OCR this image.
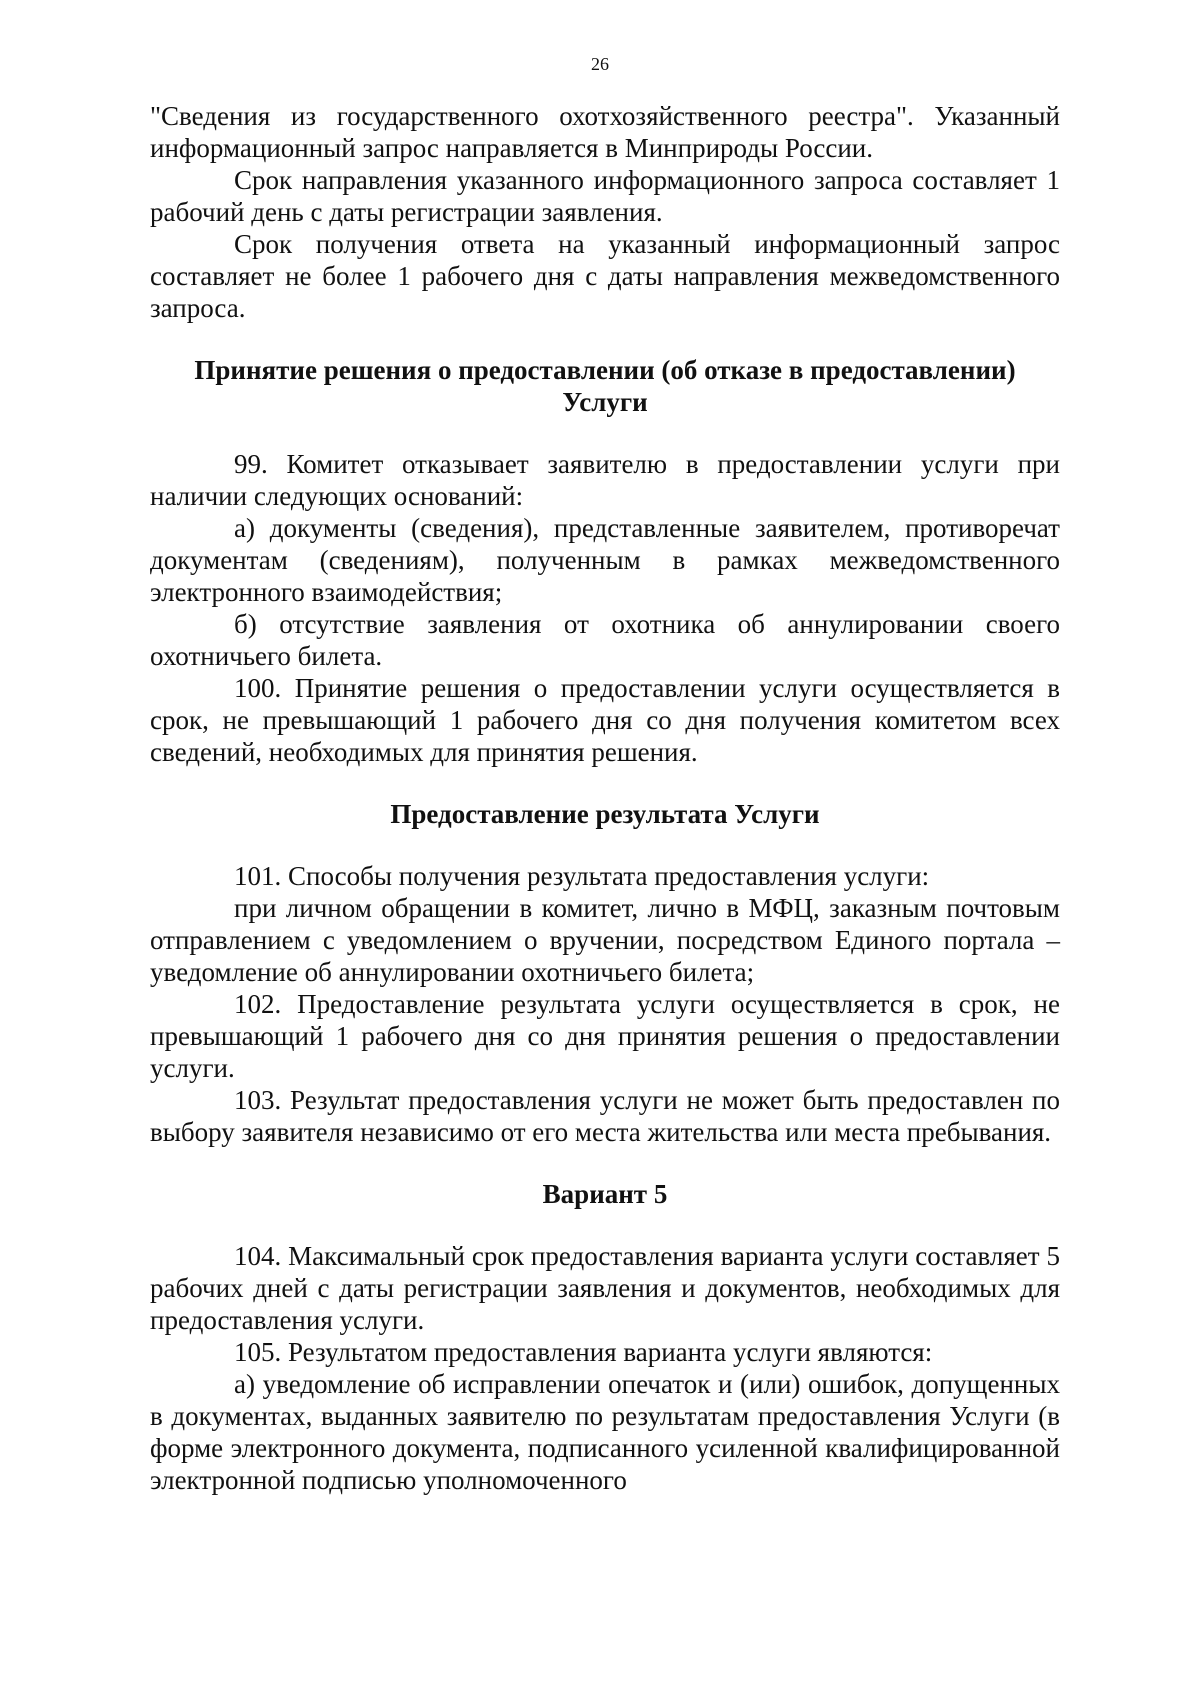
26

"Сведения из государственного охотхозяйственного реестра". Указанный информационный запрос направляется в Минприроды России.

Срок направления указанного информационного запроса составляет 1 рабочий день с даты регистрации заявления.

Срок получения ответа на указанный информационный запрос составляет не более 1 рабочего дня с даты направления межведомственного запроса.

Принятие решения о предоставлении (об отказе в предоставлении)
Услуги

99. Комитет отказывает заявителю в предоставлении услуги при наличии следующих оснований:

а) документы (сведения), представленные заявителем, противоречат документам (сведениям), полученным в рамках межведомственного электронного взаимодействия;

б) отсутствие заявления от охотника об аннулировании своего охотничьего билета.

100. Принятие решения о предоставлении услуги осуществляется в срок, не превышающий 1 рабочего дня со дня получения комитетом всех сведений, необходимых для принятия решения.

Предоставление результата Услуги

101. Способы получения результата предоставления услуги:

при личном обращении в комитет, лично в МФЦ, заказным почтовым отправлением с уведомлением о вручении, посредством Единого портала – уведомление об аннулировании охотничьего билета;

102. Предоставление результата услуги осуществляется в срок, не превышающий 1 рабочего дня со дня принятия решения о предоставлении услуги.

103. Результат предоставления услуги не может быть предоставлен по выбору заявителя независимо от его места жительства или места пребывания.

Вариант 5

104. Максимальный срок предоставления варианта услуги составляет 5 рабочих дней с даты регистрации заявления и документов, необходимых для предоставления услуги.

105. Результатом предоставления варианта услуги являются:

а) уведомление об исправлении опечаток и (или) ошибок, допущенных в документах, выданных заявителю по результатам предоставления Услуги (в форме электронного документа, подписанного усиленной квалифицированной электронной подписью уполномоченного
